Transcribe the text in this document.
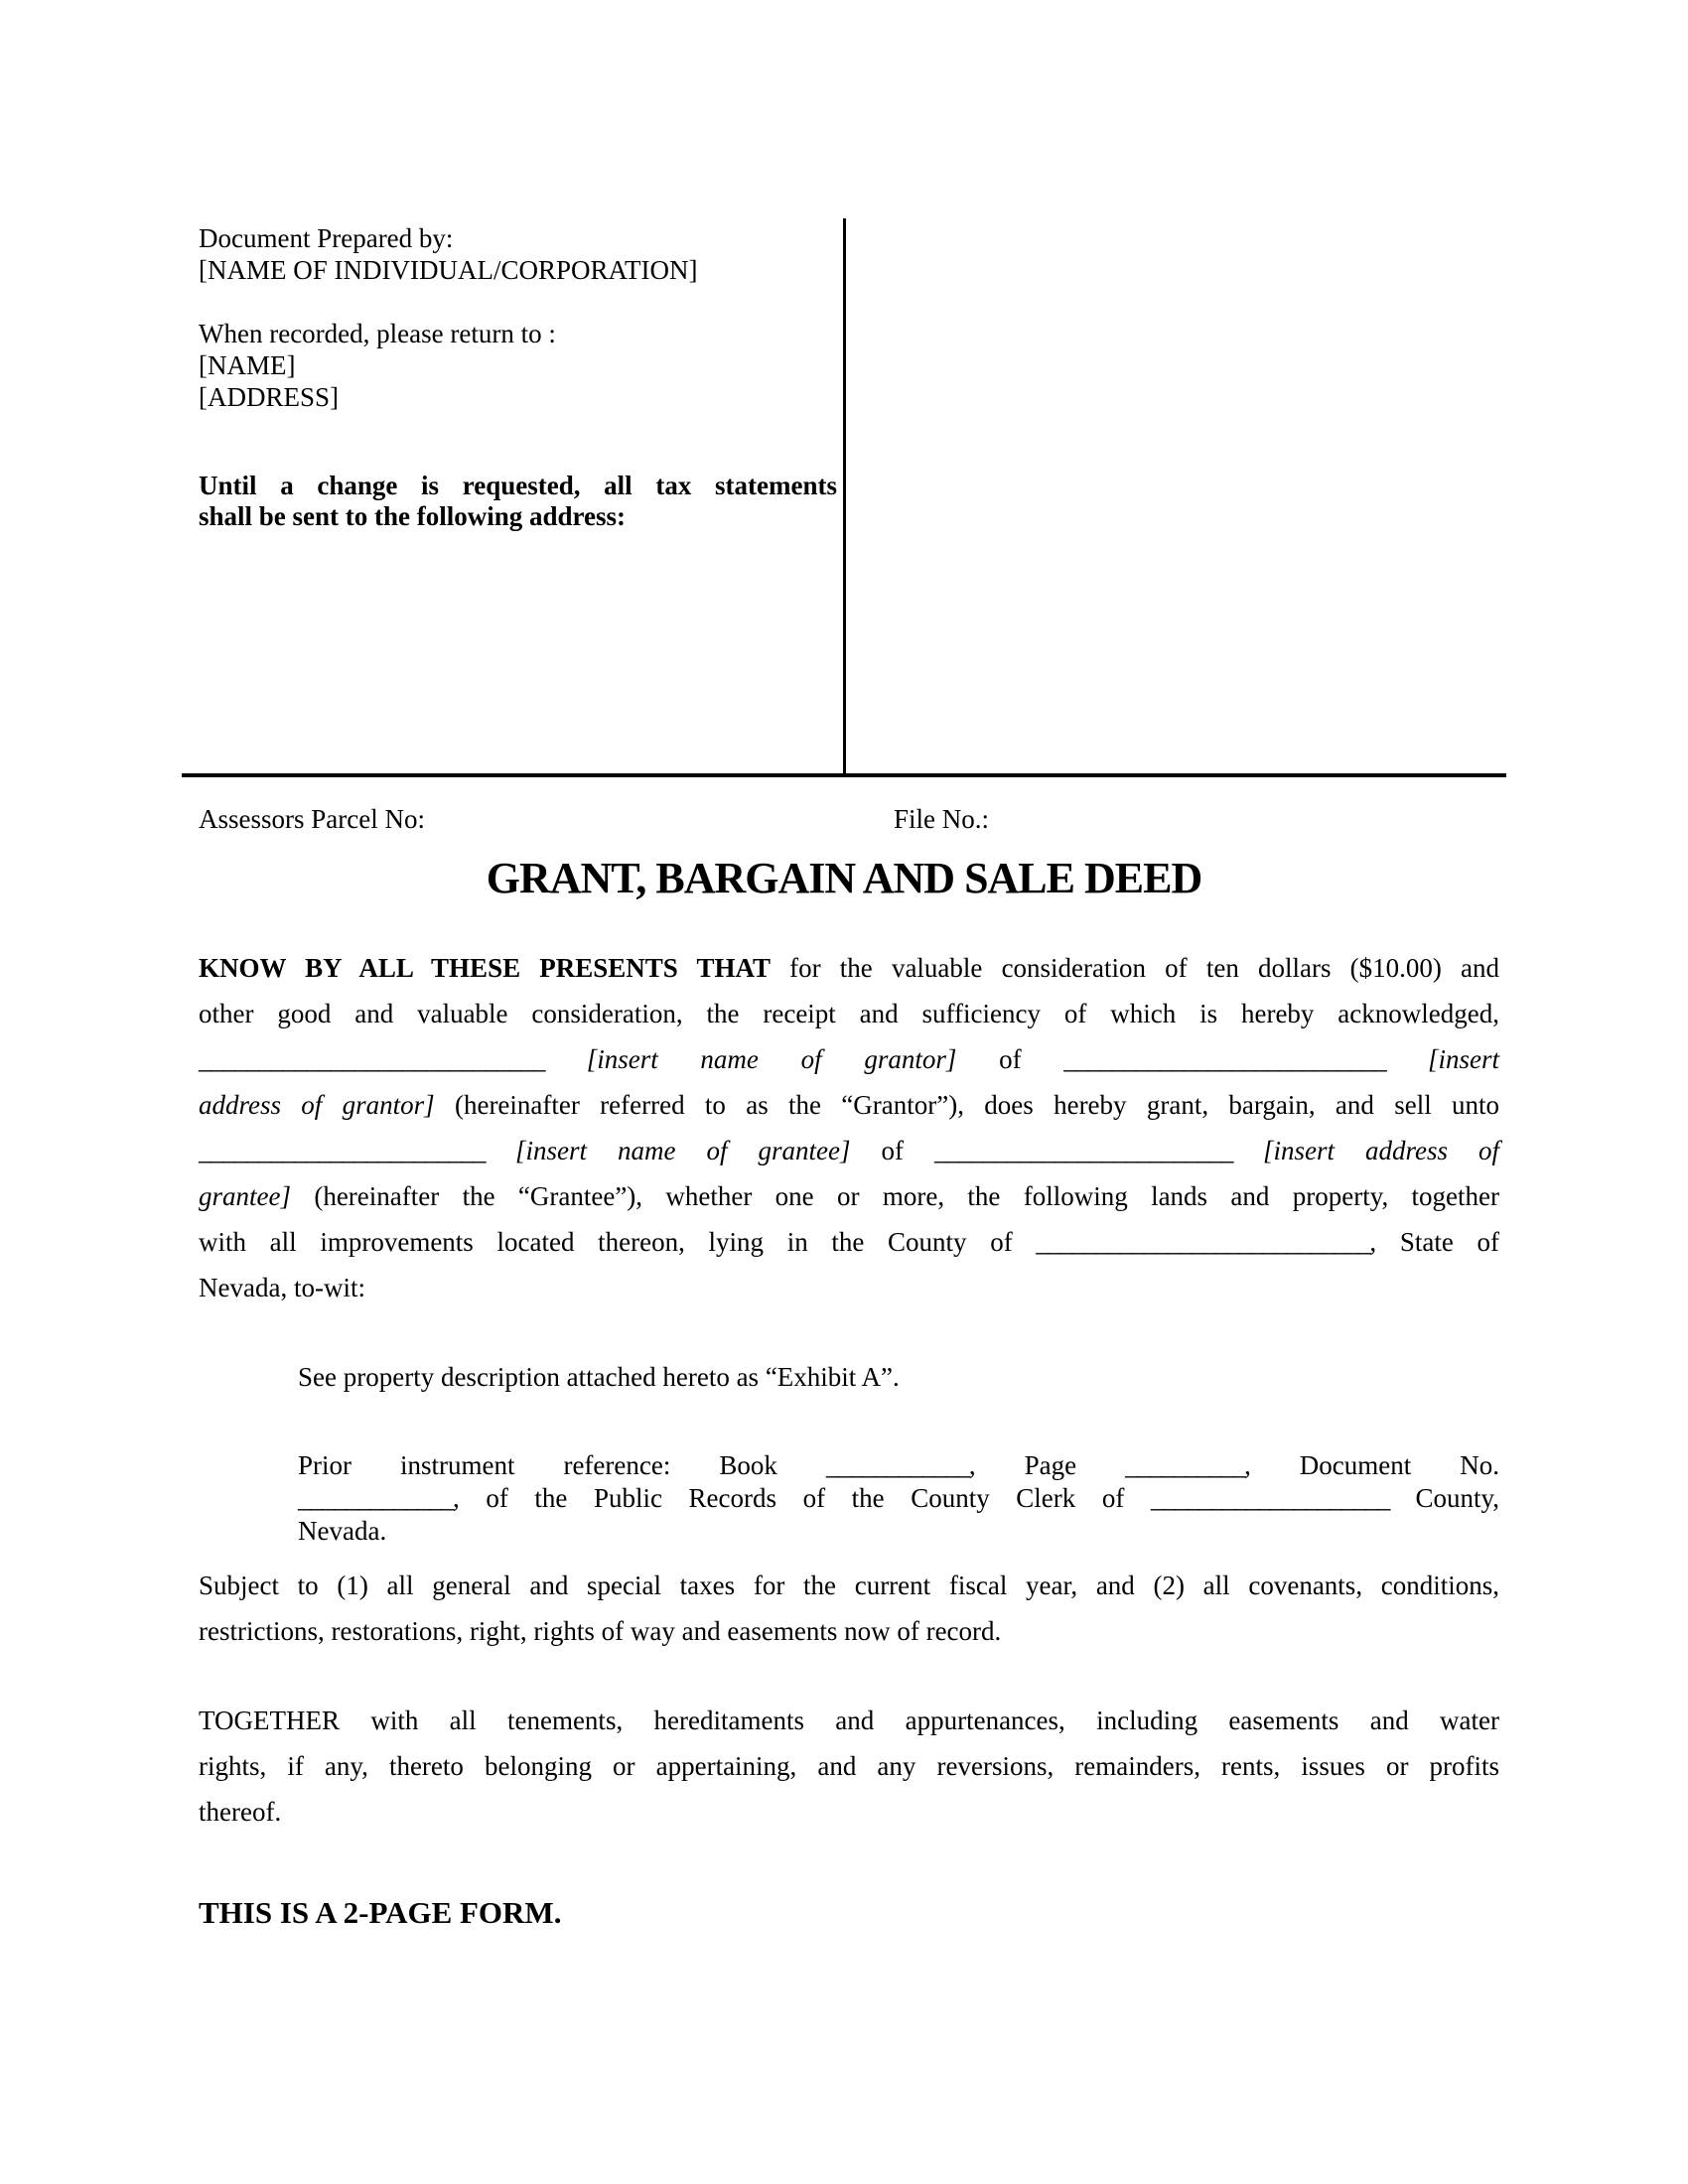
Document Prepared by:
[NAME OF INDIVIDUAL/CORPORATION]
When recorded, please return to :
[NAME]
[ADDRESS]
Until a change is requested, all tax statements
shall be sent to the following address:
Assessors Parcel No:	File No.:
GRANT, BARGAIN AND SALE DEED
KNOW BY ALL THESE PRESENTS THAT for the valuable consideration of ten dollars ($10.00) and
other good and valuable consideration, the receipt and sufficiency of which is hereby acknowledged,
_____________________________ [insert name of grantor] of ___________________________ [insert
address of grantor] (hereinafter referred to as the “Grantor”), does hereby grant, bargain, and sell unto
________________________ [insert name of grantee] of _________________________ [insert address of
grantee] (hereinafter the “Grantee”), whether one or more, the following lands and property, together
with all improvements located thereon, lying in the County of ____________________________, State of
Nevada, to-wit:
See property description attached hereto as “Exhibit A”.
Prior instrument reference: Book ____________, Page __________, Document No.
_____________, of the Public Records of the County Clerk of ____________________ County,
Nevada.
Subject to (1) all general and special taxes for the current fiscal year, and (2) all covenants, conditions,
restrictions, restorations, right, rights of way and easements now of record.
TOGETHER with all tenements, hereditaments and appurtenances, including easements and water
rights, if any, thereto belonging or appertaining, and any reversions, remainders, rents, issues or profits
thereof.
THIS IS A 2-PAGE FORM.
